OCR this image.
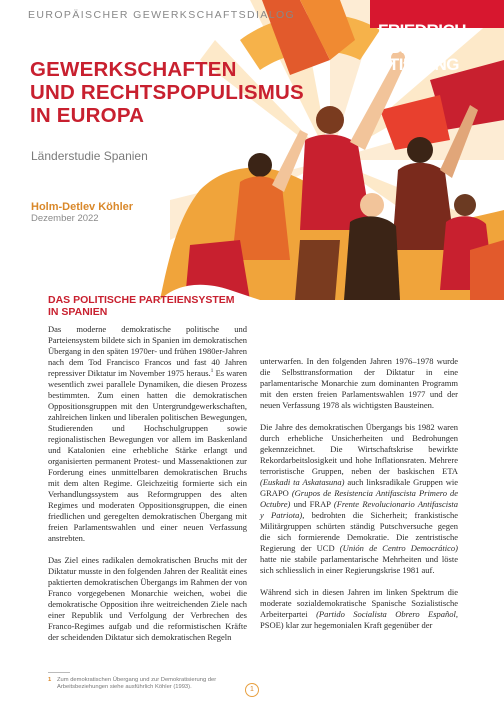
EUROPÄISCHER GEWERKSCHAFTSDIALOG
FRIEDRICH
EBERT
STIFTUNG
GEWERKSCHAFTEN
UND RECHTSPOPULISMUS
IN EUROPA
Länderstudie Spanien
Holm-Detlev Köhler
Dezember 2022
DAS POLITISCHE PARTEIENSYSTEM
IN SPANIEN

Das moderne demokratische politische und Parteiensystem bildete sich in Spanien im demokratischen Übergang in den späten 1970er- und frühen 1980er-Jahren nach dem Tod Francisco Francos und fast 40 Jahren repressiver Diktatur im November 1975 heraus.$^1$ Es waren wesentlich zwei parallele Dynamiken, die diesen Prozess bestimmten. Zum einen hatten die demokratischen Oppositionsgruppen mit den Untergrundgewerkschaften, zahlreichen linken und liberalen politischen Bewegungen, Studierenden und Hochschulgruppen sowie regionalistischen Bewegungen vor allem im Baskenland und Katalonien eine erhebliche Stärke erlangt und organisierten permanent Protest- und Massenaktionen zur Forderung eines unmittelbaren demokratischen Bruchs mit dem alten Regime. Gleichzeitig formierte sich ein Verhandlungssystem aus Reformgruppen des alten Regimes und moderaten Oppositionsgruppen, die einen friedlichen und geregelten demokratischen Übergang mit freien Parlamentswahlen und einer neuen Verfassung anstrebten.

Das Ziel eines radikalen demokratischen Bruchs mit der Diktatur musste in den folgenden Jahren der Realität eines paktierten demokratischen Übergangs im Rahmen der von Franco vorgegebenen Monarchie weichen, wobei die demokratische Opposition ihre weitreichenden Ziele nach einer Republik und Verfolgung der Verbrechen des Franco-Regimes aufgab und die reformistischen Kräfte der scheidenden Diktatur sich demokratischen Regeln

unterwarfen. In den folgenden Jahren 1976–1978 wurde die Selbsttransformation der Diktatur in eine parlamentarische Monarchie zum dominanten Programm mit den ersten freien Parlamentswahlen 1977 und der neuen Verfassung 1978 als wichtigsten Bausteinen.

Die Jahre des demokratischen Übergangs bis 1982 waren durch erhebliche Unsicherheiten und Bedrohungen gekennzeichnet. Die Wirtschaftskrise bewirkte Rekordarbeitslosigkeit und hohe Inflationsraten. Mehrere terroristische Gruppen, neben der baskischen ETA (Euskadi ta Askatasuna) auch linksradikale Gruppen wie GRAPO (Grupos de Resistencia Antifascista Primero de Octubre) und FRAP (Frente Revolucionario Antifascista y Patriota), bedrohten die Sicherheit; frankistische Militärgruppen schürten ständig Putschversuche gegen die sich formierende Demokratie. Die zentristische Regierung der UCD (Unión de Centro Democrático) hatte nie stabile parlamentarische Mehrheiten und löste sich schliesslich in einer Regierungskrise 1981 auf.

Während sich in diesen Jahren im linken Spektrum die moderate sozialdemokratische Spanische Sozialistische Arbeiterpartei (Partido Socialista Obrero Español, PSOE) klar zur hegemonialen Kraft gegenüber der

1 Zum demokratischen Übergang und zur Demokratisierung der Arbeitsbeziehungen siehe ausführlich Köhler (1993).	1
